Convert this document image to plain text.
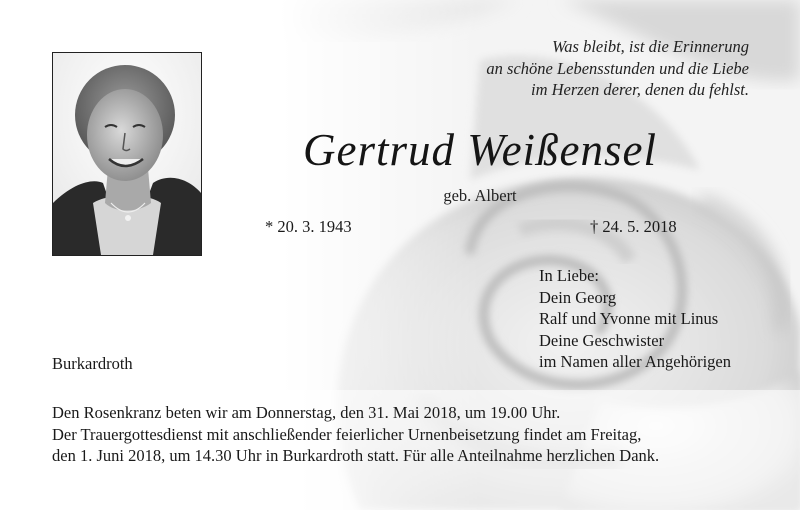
Was bleibt, ist die Erinnerung
an schöne Lebensstunden und die Liebe
im Herzen derer, denen du fehlst.
Gertrud Weißensel
geb. Albert
* 20. 3. 1943	† 24. 5. 2018
In Liebe:
Dein Georg
Ralf und Yvonne mit Linus
Deine Geschwister
im Namen aller Angehörigen
Burkardroth
Den Rosenkranz beten wir am Donnerstag, den 31. Mai 2018, um 19.00 Uhr.
Der Trauergottesdienst mit anschließender feierlicher Urnenbeisetzung findet am Freitag,
den 1. Juni 2018, um 14.30 Uhr in Burkardroth statt. Für alle Anteilnahme herzlichen Dank.
